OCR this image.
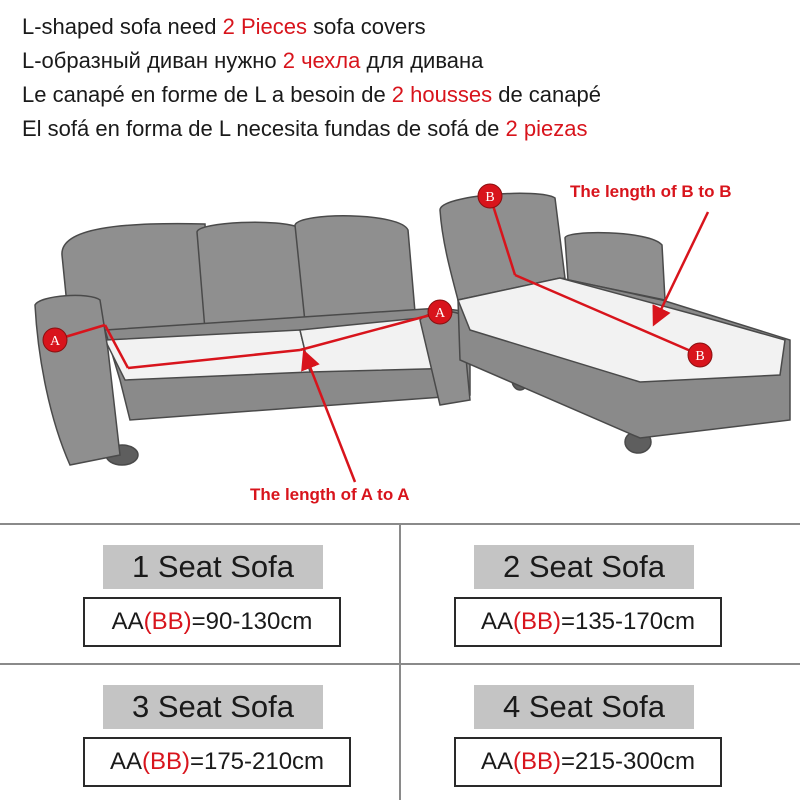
L-shaped sofa need 2 Pieces sofa covers
L-образный диван нужно 2 чехла для дивана
Le canapé en forme de L a besoin de 2 housses de canapé
El sofá en forma de L necesita fundas de sofá de 2 piezas
A
A
B
B
The length of A to A
The length of B to B
1 Seat Sofa
AA(BB)=90-130cm
2 Seat Sofa
AA(BB)=135-170cm
3 Seat Sofa
AA(BB)=175-210cm
4 Seat Sofa
AA(BB)=215-300cm
